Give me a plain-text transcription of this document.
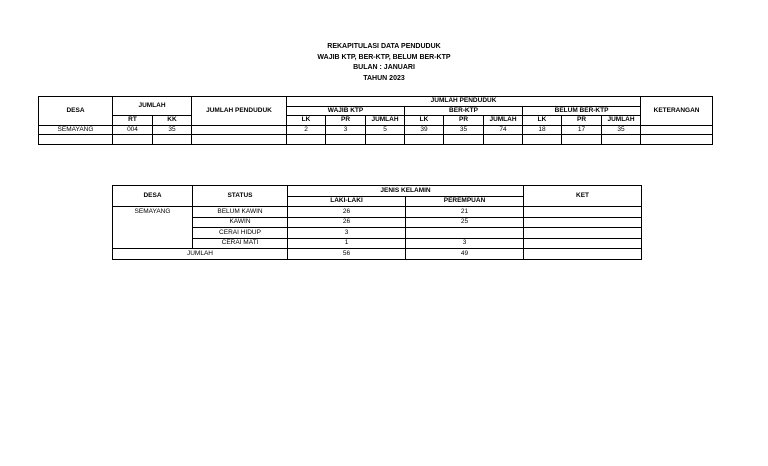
REKAPITULASI DATA PENDUDUK
WAJIB KTP, BER-KTP, BELUM BER-KTP
BULAN : JANUARI
TAHUN 2023
DESA	JUMLAH		JUMLAH PENDUDUK	JUMLAH PENDUDUK									KETERANGAN
				WAJIB KTP			BER-KTP			BELUM BER-KTP			
	RT	KK		LK	PR	JUMLAH	LK	PR	JUMLAH	LK	PR	JUMLAH	
SEMAYANG	004	35		2	3	5	39	35	74	18	17	35	

DESA	STATUS	JENIS KELAMIN		KET
		LAKI-LAKI	PEREMPUAN	
SEMAYANG	BELUM KAWIN	26	21	
	KAWIN	26	25	
	CERAI HIDUP	3		
	CERAI MATI	1	3	
JUMLAH		56	49	
